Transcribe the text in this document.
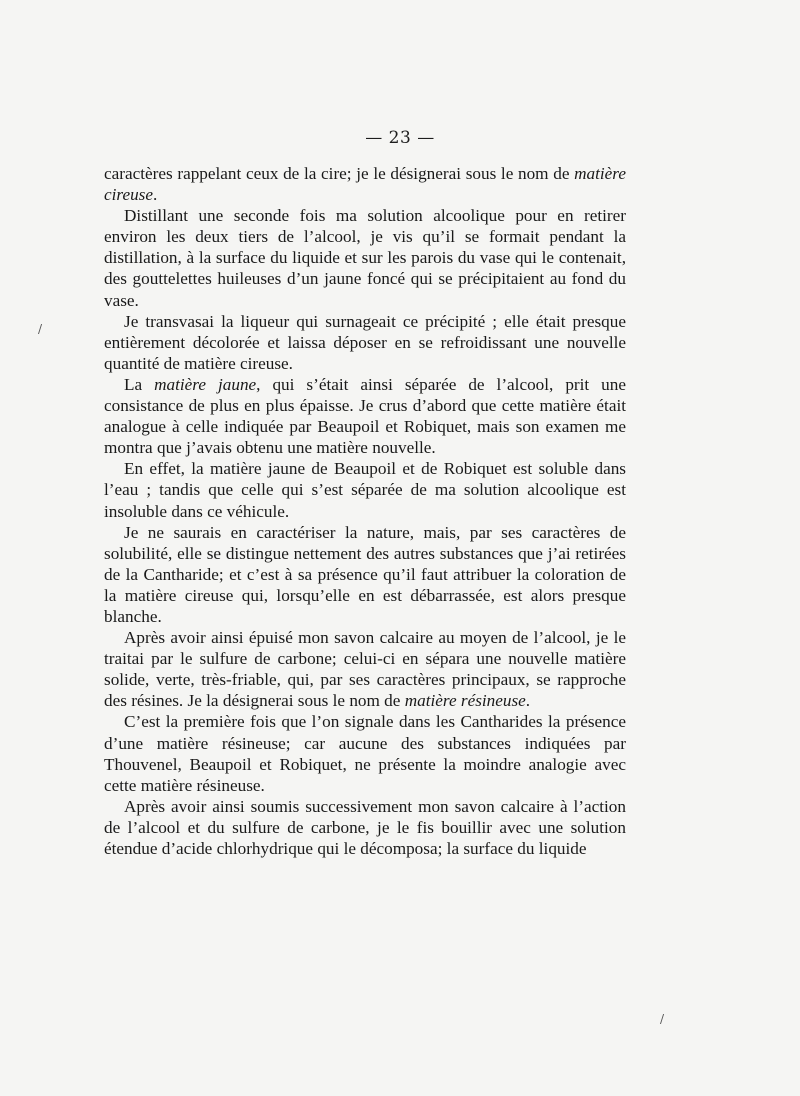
— 23 —

caractères rappelant ceux de la cire; je le désignerai sous le nom de matière cireuse.

Distillant une seconde fois ma solution alcoolique pour en retirer environ les deux tiers de l’alcool, je vis qu’il se formait pendant la distillation, à la surface du liquide et sur les parois du vase qui le contenait, des gouttelettes huileuses d’un jaune foncé qui se précipitaient au fond du vase.

Je transvasai la liqueur qui surnageait ce précipité ; elle était presque entièrement décolorée et laissa déposer en se refroidissant une nouvelle quantité de matière cireuse.

La matière jaune, qui s’était ainsi séparée de l’alcool, prit une consistance de plus en plus épaisse. Je crus d’abord que cette matière était analogue à celle indiquée par Beaupoil et Robiquet, mais son examen me montra que j’avais obtenu une matière nouvelle.

En effet, la matière jaune de Beaupoil et de Robiquet est soluble dans l’eau ; tandis que celle qui s’est séparée de ma solution alcoolique est insoluble dans ce véhicule.

Je ne saurais en caractériser la nature, mais, par ses caractères de solubilité, elle se distingue nettement des autres substances que j’ai retirées de la Cantharide; et c’est à sa présence qu’il faut attribuer la coloration de la matière cireuse qui, lorsqu’elle en est débarrassée, est alors presque blanche.

Après avoir ainsi épuisé mon savon calcaire au moyen de l’alcool, je le traitai par le sulfure de carbone; celui-ci en sépara une nouvelle matière solide, verte, très-friable, qui, par ses caractères principaux, se rapproche des résines. Je la désignerai sous le nom de matière résineuse.

C’est la première fois que l’on signale dans les Cantharides la présence d’une matière résineuse; car aucune des substances indiquées par Thouvenel, Beaupoil et Robiquet, ne présente la moindre analogie avec cette matière résineuse.

Après avoir ainsi soumis successivement mon savon calcaire à l’action de l’alcool et du sulfure de carbone, je le fis bouillir avec une solution étendue d’acide chlorhydrique qui le décomposa; la surface du liquide

/
/
